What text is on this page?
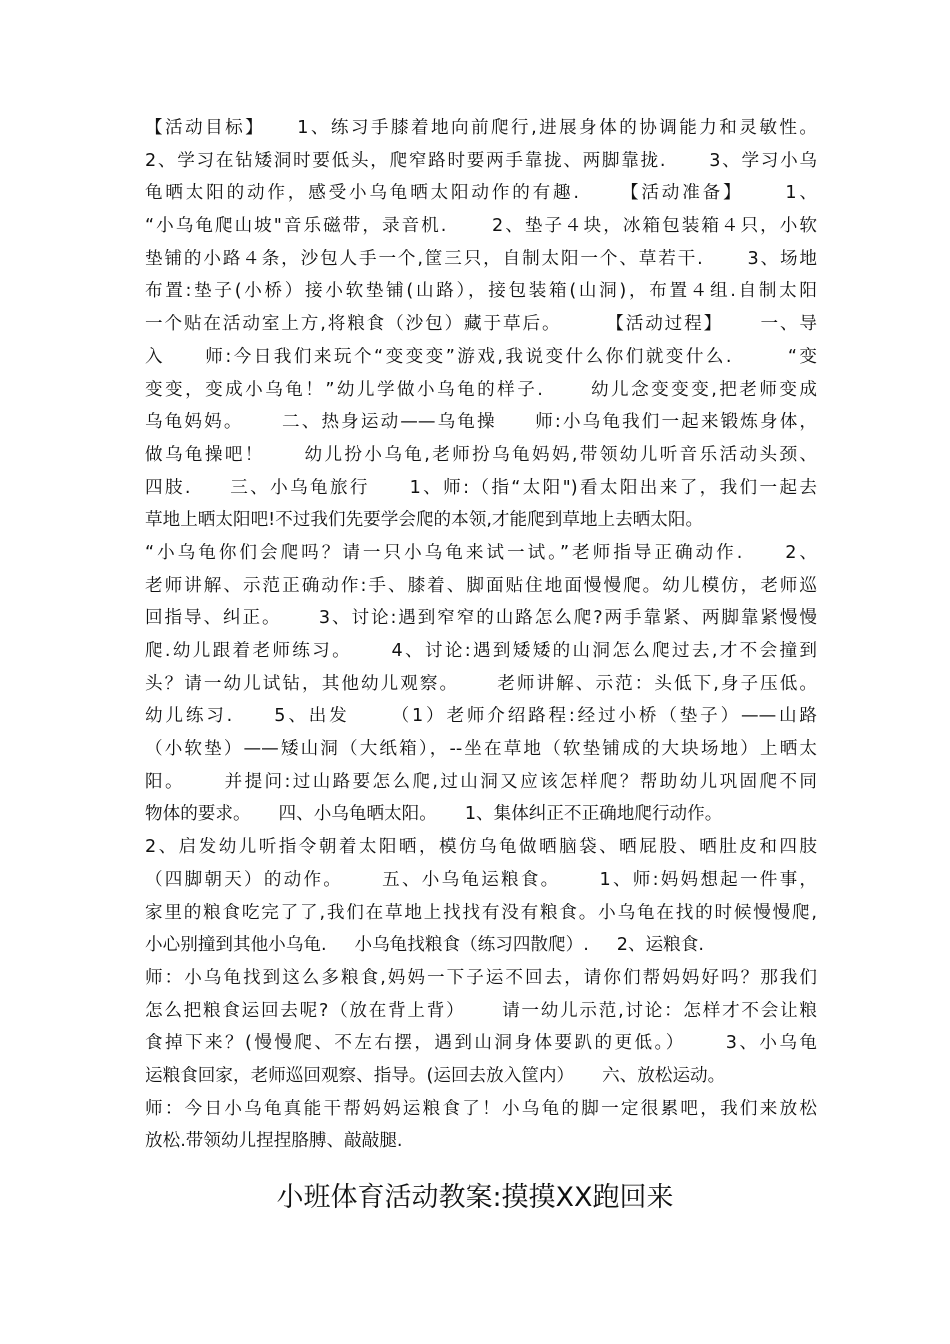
【活动目标】    1、练习手膝着地向前爬行,进展身体的协调能力和灵敏性。
2、学习在钻矮洞时要低头，爬窄路时要两手靠拢、两脚靠拢.      3、学习小乌
龟晒太阳的动作，感受小乌龟晒太阳动作的有趣.     【活动准备】     1、
“小乌龟爬山坡"音乐磁带，录音机.      2、垫子４块，冰箱包装箱４只，小软
垫铺的小路４条，沙包人手一个,筐三只，自制太阳一个、草若干.      3、场地
布置:垫子(小桥）接小软垫铺(山路），接包装箱(山洞)，布置４组.自制太阳
一个贴在活动室上方,将粮食（沙包）藏于草后。      【活动过程】     一、导
入     师:今日我们来玩个“变变变”游戏,我说变什么你们就变什么.       “变
变变，变成小乌龟！”幼儿学做小乌龟的样子.      幼儿念变变变,把老师变成
乌龟妈妈。     二、热身运动——乌龟操     师:小乌龟我们一起来锻炼身体，
做乌龟操吧！     幼儿扮小乌龟,老师扮乌龟妈妈,带领幼儿听音乐活动头颈、
四肢.     三、小乌龟旅行     1、师:（指“太阳")看太阳出来了，我们一起去
草地上晒太阳吧!不过我们先要学会爬的本领,才能爬到草地上去晒太阳。
“小乌龟你们会爬吗？请一只小乌龟来试一试。”老师指导正确动作.     2、
老师讲解、示范正确动作:手、膝着、脚面贴住地面慢慢爬。幼儿模仿，老师巡
回指导、纠正。     3、讨论:遇到窄窄的山路怎么爬?两手靠紧、两脚靠紧慢慢
爬.幼儿跟着老师练习。     4、讨论:遇到矮矮的山洞怎么爬过去,才不会撞到
头？请一幼儿试钻，其他幼儿观察。     老师讲解、示范：头低下,身子压低。
幼儿练习.     5、出发     （1）老师介绍路程:经过小桥（垫子）——山路
（小软垫）——矮山洞（大纸箱），--坐在草地（软垫铺成的大块场地）上晒太
阳。     并提问:过山路要怎么爬,过山洞又应该怎样爬？帮助幼儿巩固爬不同
物体的要求。     四、小乌龟晒太阳。     1、集体纠正不正确地爬行动作。
2、启发幼儿听指令朝着太阳晒，模仿乌龟做晒脑袋、晒屁股、晒肚皮和四肢
（四脚朝天）的动作。     五、小乌龟运粮食。     1、师:妈妈想起一件事，
家里的粮食吃完了了,我们在草地上找找有没有粮食。小乌龟在找的时候慢慢爬,
小心别撞到其他小乌龟.     小乌龟找粮食（练习四散爬）.     2、运粮食.
师：小乌龟找到这么多粮食,妈妈一下子运不回去，请你们帮妈妈好吗？那我们
怎么把粮食运回去呢?（放在背上背）     请一幼儿示范,讨论：怎样才不会让粮
食掉下来？(慢慢爬、不左右摆，遇到山洞身体要趴的更低。）     3、小乌龟
运粮食回家，老师巡回观察、指导。(运回去放入筐内）     六、放松运动。
师：今日小乌龟真能干帮妈妈运粮食了！小乌龟的脚一定很累吧，我们来放松
放松.带领幼儿捏捏胳膊、敲敲腿.
小班体育活动教案:摸摸XX跑回来
